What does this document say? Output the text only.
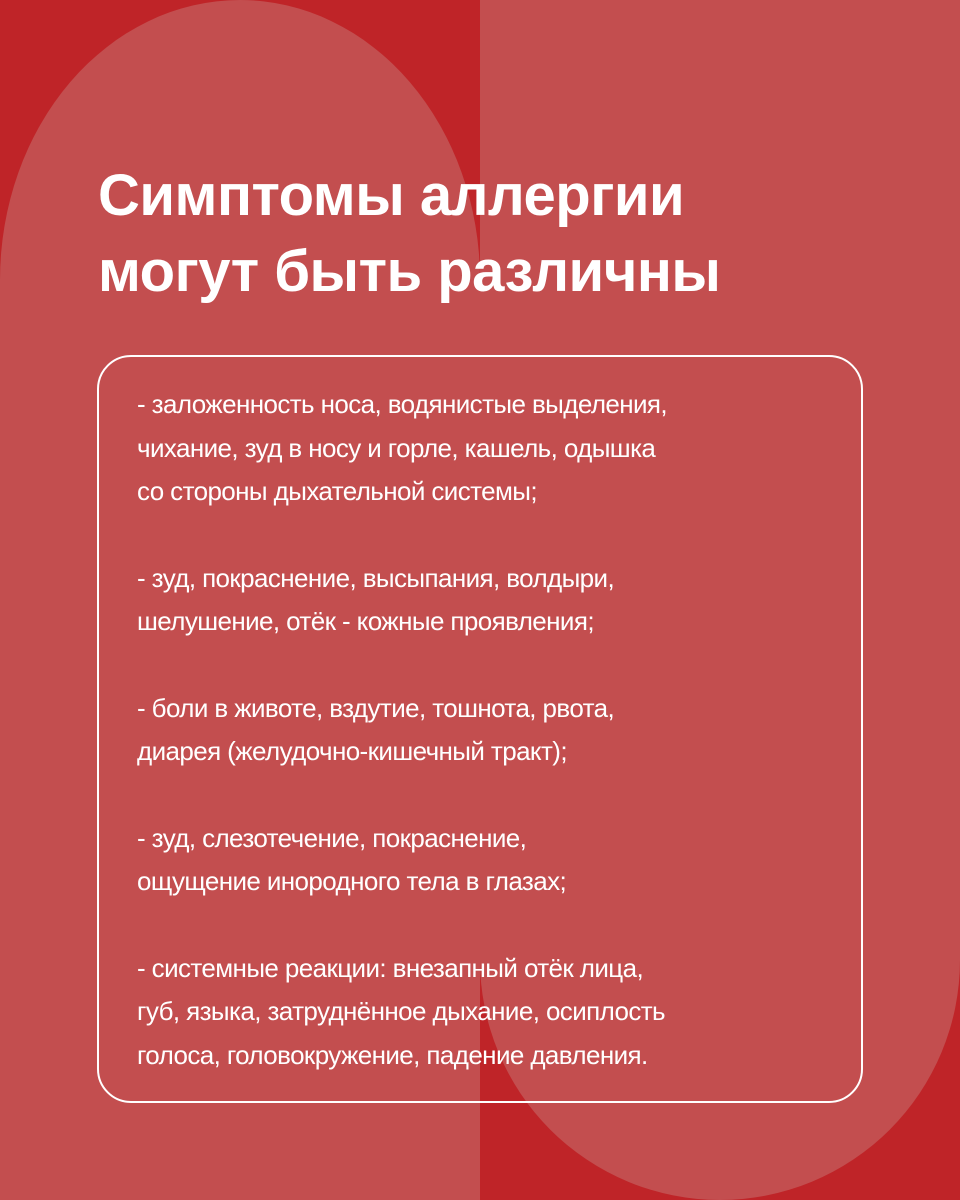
Симптомы аллергии
могут быть различны
- заложенность носа, водянистые выделения,
чихание, зуд в носу и горле, кашель, одышка
со стороны дыхательной системы;
- зуд, покраснение, высыпания, волдыри,
шелушение, отёк - кожные проявления;
- боли в животе, вздутие, тошнота, рвота,
диарея (желудочно-кишечный тракт);
- зуд, слезотечение, покраснение,
ощущение инородного тела в глазах;
- системные реакции: внезапный отёк лица,
губ, языка, затруднённое дыхание, осиплость
голоса, головокружение, падение давления.
